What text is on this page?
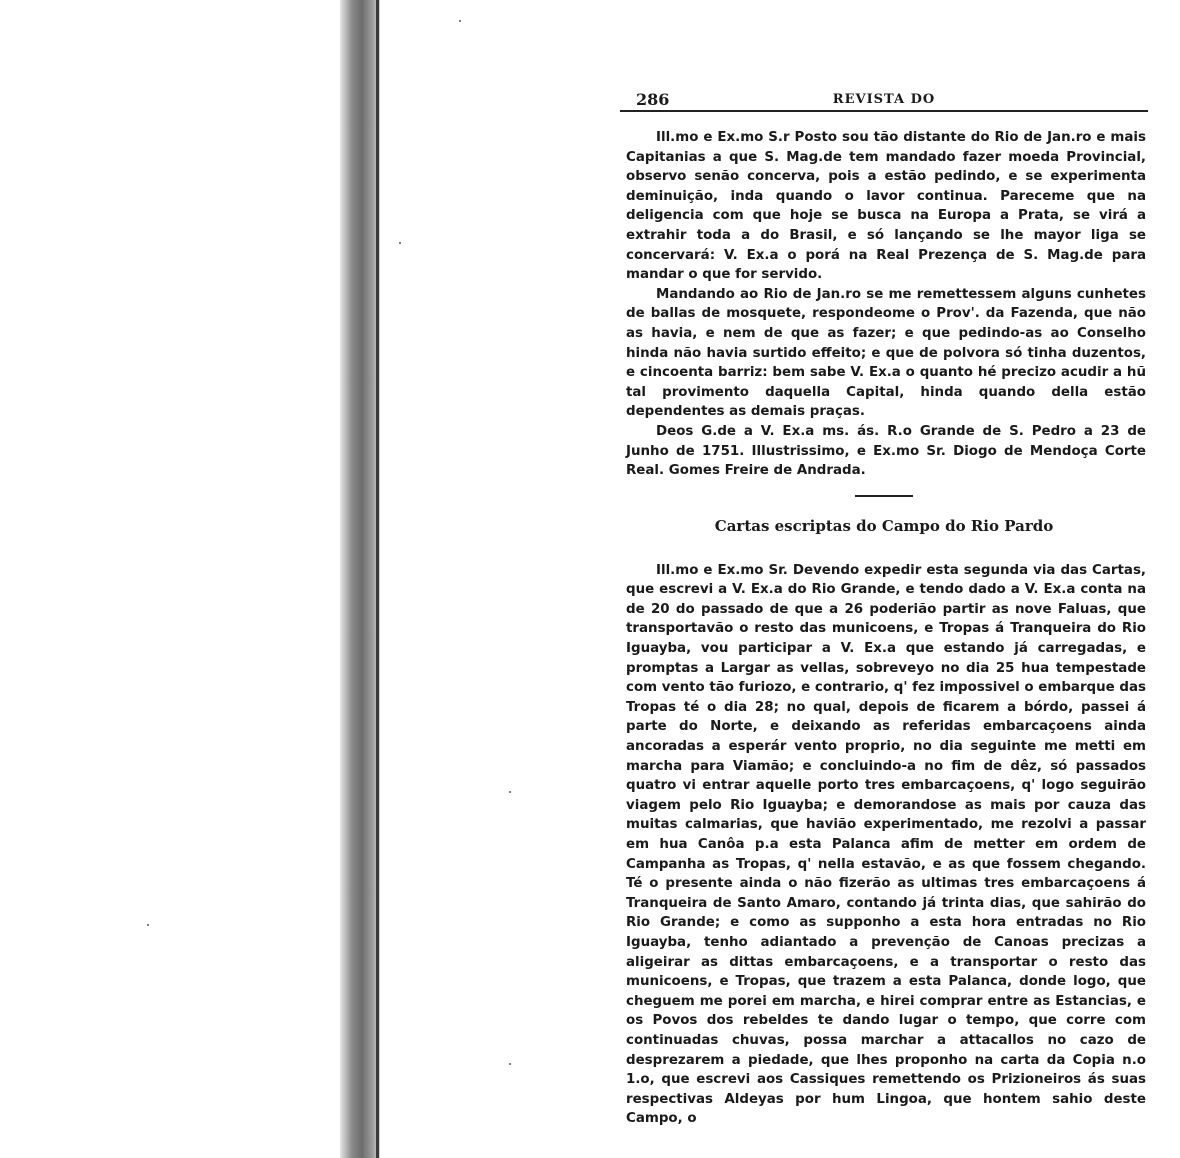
286	REVISTA DO

Ill.mo e Ex.mo S.r Posto sou tão distante do Rio de Jan.ro e mais Capitanias a que S. Mag.de tem mandado fazer moeda Provincial, observo senão concerva, pois a estão pedindo, e se experimenta deminuição, inda quando o lavor continua. Pareceme que na deligencia com que hoje se busca na Europa a Prata, se virá a extrahir toda a do Brasil, e só lançando se lhe mayor liga se concervará: V. Ex.a o porá na Real Prezença de S. Mag.de para mandar o que for servido.

Mandando ao Rio de Jan.ro se me remettessem alguns cunhetes de ballas de mosquete, respondeome o Prov'. da Fazenda, que não as havia, e nem de que as fazer; e que pedindo-as ao Conselho hinda não havia surtido effeito; e que de polvora só tinha duzentos, e cincoenta barriz: bem sabe V. Ex.a o quanto hé precizo acudir a hũ tal provimento daquella Capital, hinda quando della estão dependentes as demais praças.

Deos G.de a V. Ex.a ms. ás. R.o Grande de S. Pedro a 23 de Junho de 1751. Illustrissimo, e Ex.mo Sr. Diogo de Mendoça Corte Real. Gomes Freire de Andrada.

Cartas escriptas do Campo do Rio Pardo

Ill.mo e Ex.mo Sr. Devendo expedir esta segunda via das Cartas, que escrevi a V. Ex.a do Rio Grande, e tendo dado a V. Ex.a conta na de 20 do passado de que a 26 poderião partir as nove Faluas, que transportavão o resto das municoens, e Tropas á Tranqueira do Rio Iguayba, vou participar a V. Ex.a que estando já carregadas, e promptas a Largar as vellas, sobreveyo no dia 25 hua tempestade com vento tão furiozo, e contrario, q' fez impossivel o embarque das Tropas té o dia 28; no qual, depois de ficarem a bórdo, passei á parte do Norte, e deixando as referidas embarcaçoens ainda ancoradas a esperár vento proprio, no dia seguinte me metti em marcha para Viamão; e concluindo-a no fim de dêz, só passados quatro vi entrar aquelle porto tres embarcaçoens, q' logo seguirão viagem pelo Rio Iguayba; e demorandose as mais por cauza das muitas calmarias, que havião experimentado, me rezolvi a passar em hua Canôa p.a esta Palanca afim de metter em ordem de Campanha as Tropas, q' nella estavão, e as que fossem chegando. Té o presente ainda o não fizerão as ultimas tres embarcaçoens á Tranqueira de Santo Amaro, contando já trinta dias, que sahirão do Rio Grande; e como as supponho a esta hora entradas no Rio Iguayba, tenho adiantado a prevenção de Canoas precizas a aligeirar as dittas embarcaçoens, e a transportar o resto das municoens, e Tropas, que trazem a esta Palanca, donde logo, que cheguem me porei em marcha, e hirei comprar entre as Estancias, e os Povos dos rebeldes te dando lugar o tempo, que corre com continuadas chuvas, possa marchar a attacallos no cazo de desprezarem a piedade, que lhes proponho na carta da Copia n.o 1.o, que escrevi aos Cassiques remettendo os Prizioneiros ás suas respectivas Aldeyas por hum Lingoa, que hontem sahio deste Campo, o
